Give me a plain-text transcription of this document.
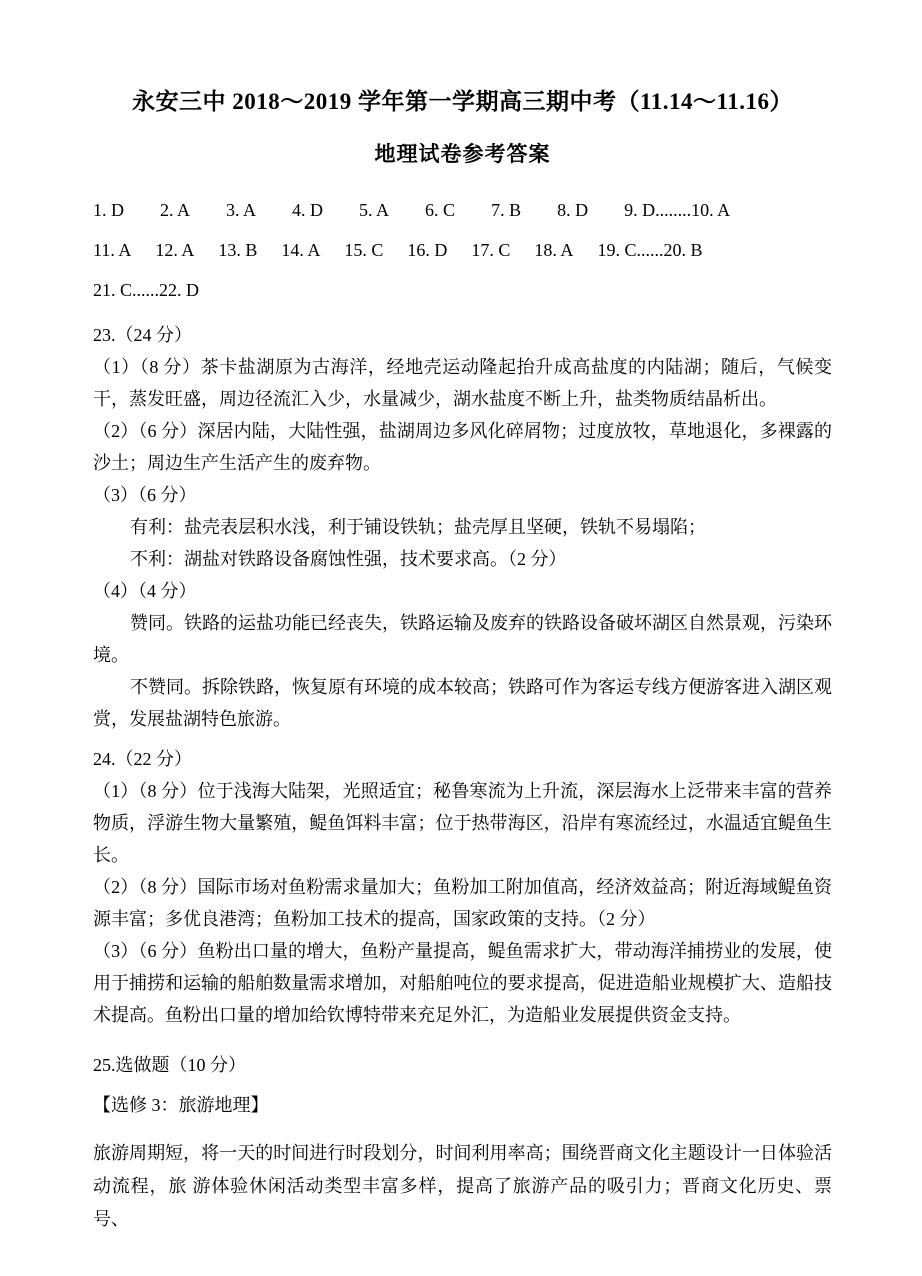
永安三中 2018～2019 学年第一学期高三期中考（11.14～11.16）
地理试卷参考答案
1. D 2. A 3. A 4. D 5. A 6. C 7. B 8. D 9. D........10. A
11. A 12. A 13. B 14. A 15. C 16. D 17. C 18. A 19. C......20. B
21. C......22. D

23.（24 分）

（1）（8 分）茶卡盐湖原为古海洋，经地壳运动隆起抬升成高盐度的内陆湖；随后，气候变干，蒸发旺盛，周边径流汇入少，水量减少，湖水盐度不断上升，盐类物质结晶析出。

（2）（6 分）深居内陆，大陆性强，盐湖周边多风化碎屑物；过度放牧，草地退化，多裸露的沙土；周边生产生活产生的废弃物。

（3）（6 分）

有利：盐壳表层积水浅，利于铺设铁轨；盐壳厚且坚硬，铁轨不易塌陷；

不利：湖盐对铁路设备腐蚀性强，技术要求高。（2 分）

（4）（4 分）

赞同。铁路的运盐功能已经丧失，铁路运输及废弃的铁路设备破坏湖区自然景观，污染环境。

不赞同。拆除铁路，恢复原有环境的成本较高；铁路可作为客运专线方便游客进入湖区观赏，发展盐湖特色旅游。

24.（22 分）

（1）（8 分）位于浅海大陆架，光照适宜；秘鲁寒流为上升流，深层海水上泛带来丰富的营养物质，浮游生物大量繁殖，鳀鱼饵料丰富；位于热带海区，沿岸有寒流经过，水温适宜鳀鱼生长。

（2）（8 分）国际市场对鱼粉需求量加大；鱼粉加工附加值高，经济效益高；附近海域鳀鱼资源丰富；多优良港湾；鱼粉加工技术的提高，国家政策的支持。（2 分）

（3）（6 分）鱼粉出口量的增大，鱼粉产量提高，鳀鱼需求扩大，带动海洋捕捞业的发展，使用于捕捞和运输的船舶数量需求增加，对船舶吨位的要求提高，促进造船业规模扩大、造船技术提高。鱼粉出口量的增加给钦博特带来充足外汇，为造船业发展提供资金支持。

25.选做题（10 分）

【选修 3：旅游地理】

旅游周期短，将一天的时间进行时段划分，时间利用率高；围绕晋商文化主题设计一日体验活动流程，旅 游体验休闲活动类型丰富多样，提高了旅游产品的吸引力；晋商文化历史、票号、
